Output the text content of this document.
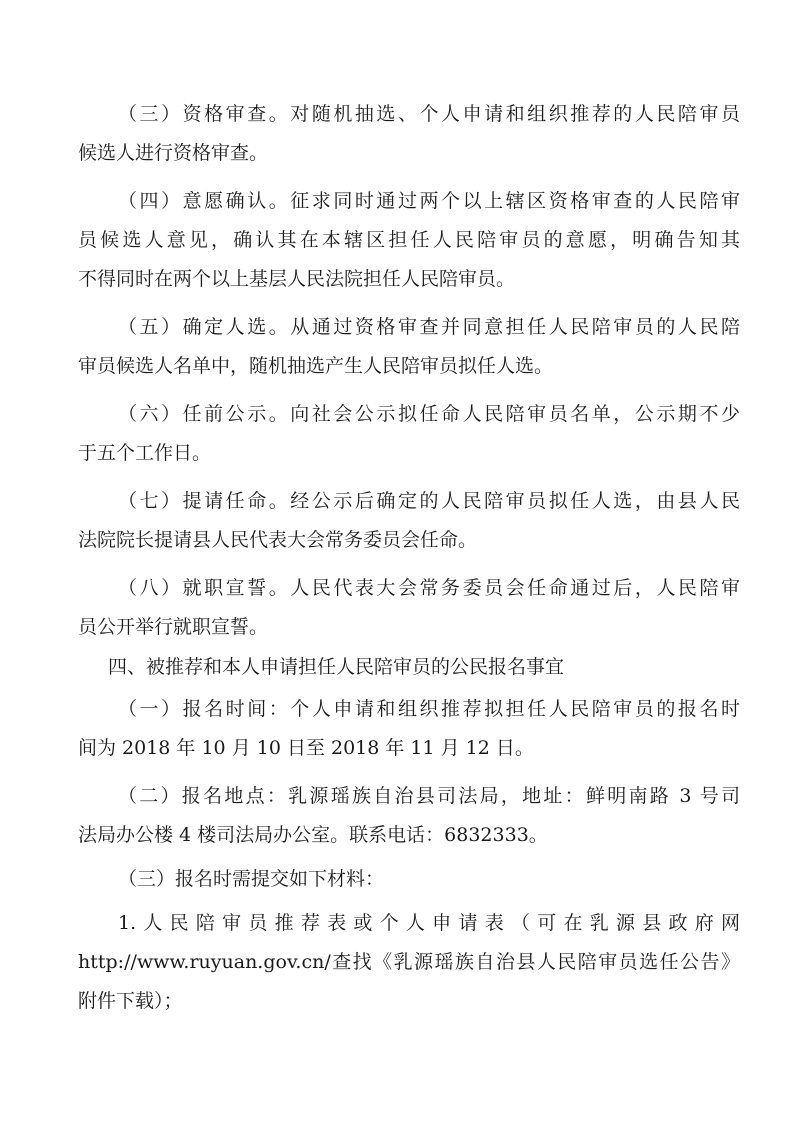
（三）资格审查。对随机抽选、个人申请和组织推荐的人民陪审员
候选人进行资格审查。
（四）意愿确认。征求同时通过两个以上辖区资格审查的人民陪审
员候选人意见，确认其在本辖区担任人民陪审员的意愿，明确告知其
不得同时在两个以上基层人民法院担任人民陪审员。
（五）确定人选。从通过资格审查并同意担任人民陪审员的人民陪
审员候选人名单中，随机抽选产生人民陪审员拟任人选。
（六）任前公示。向社会公示拟任命人民陪审员名单，公示期不少
于五个工作日。
（七）提请任命。经公示后确定的人民陪审员拟任人选，由县人民
法院院长提请县人民代表大会常务委员会任命。
（八）就职宣誓。人民代表大会常务委员会任命通过后，人民陪审
员公开举行就职宣誓。
四、被推荐和本人申请担任人民陪审员的公民报名事宜
（一）报名时间：个人申请和组织推荐拟担任人民陪审员的报名时
间为 2018 年 10 月 10 日至 2018 年 11 月 12 日。
（二）报名地点：乳源瑶族自治县司法局，地址：鲜明南路 3 号司
法局办公楼 4 楼司法局办公室。联系电话：6832333。
（三）报名时需提交如下材料：
1.人民陪审员推荐表或个人申请表（可在乳源县政府网
http://www.ruyuan.gov.cn/查找《乳源瑶族自治县人民陪审员选任公告》
附件下载）；
